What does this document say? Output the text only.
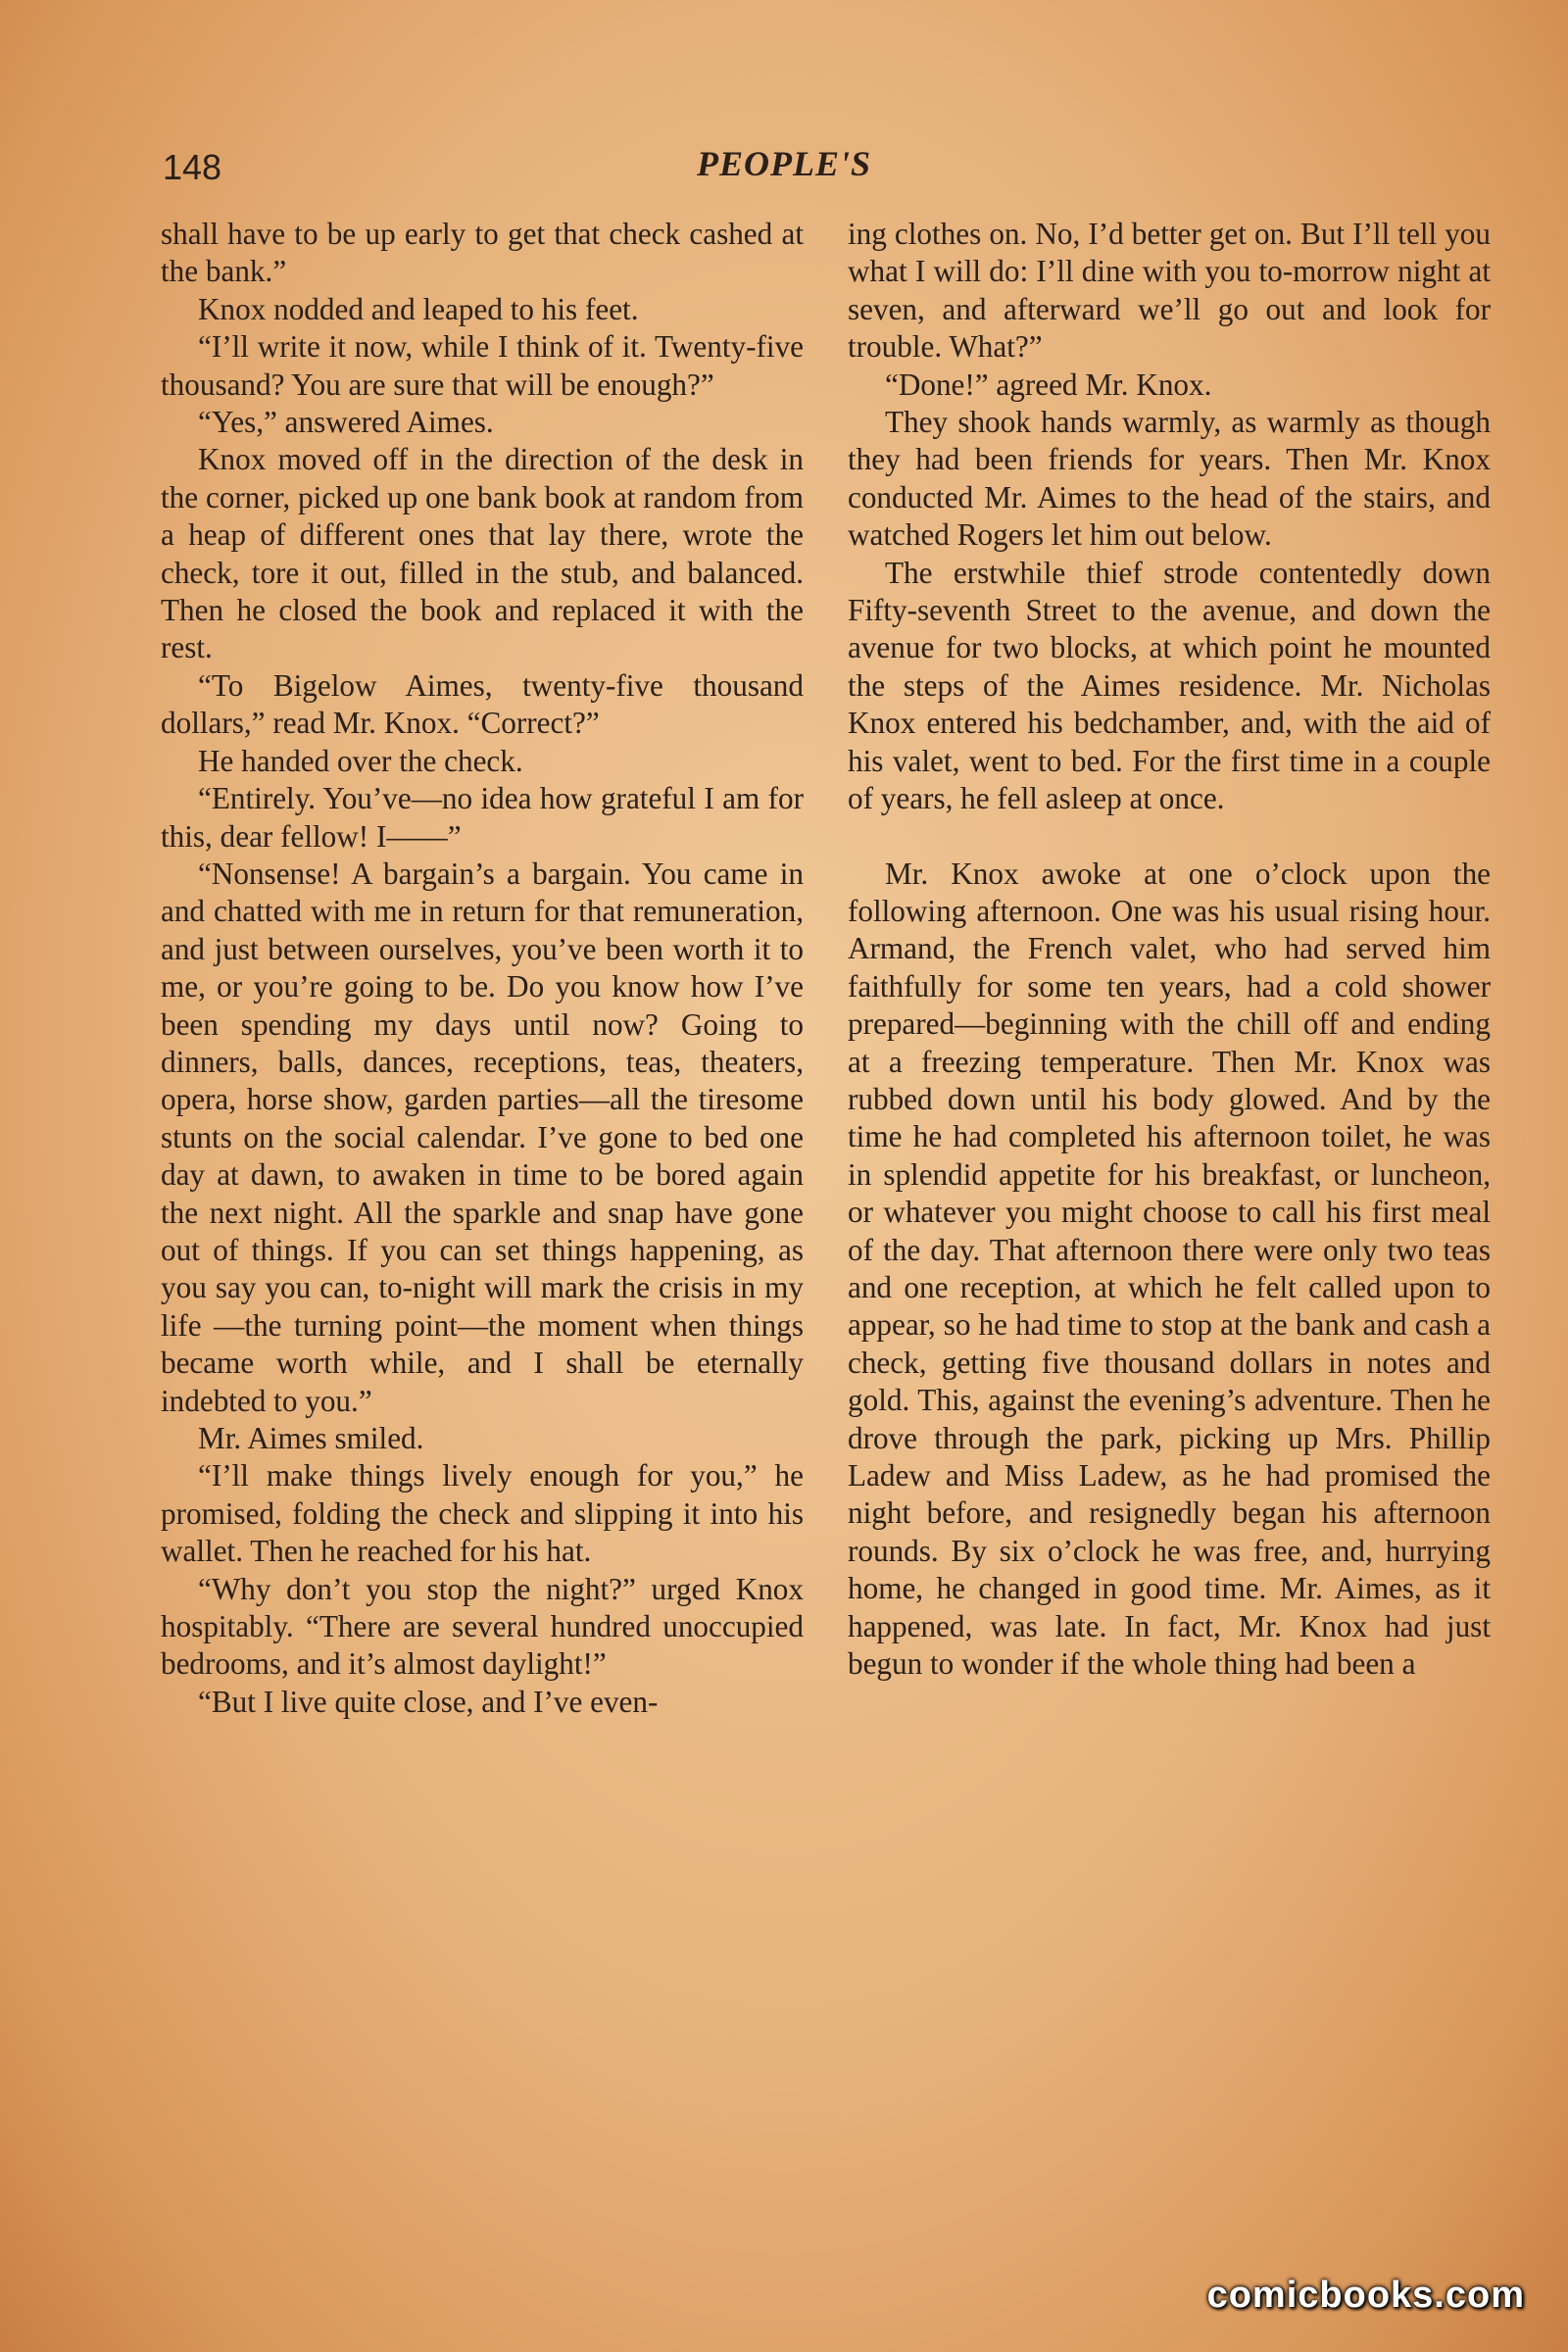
148	PEOPLE'S

shall have to be up early to get that check cashed at the bank.”

Knox nodded and leaped to his feet.

“I’ll write it now, while I think of it. Twenty-five thousand? You are sure that will be enough?”

“Yes,” answered Aimes.

Knox moved off in the direction of the desk in the corner, picked up one bank book at random from a heap of different ones that lay there, wrote the check, tore it out, filled in the stub, and balanced. Then he closed the book and replaced it with the rest.

“To Bigelow Aimes, twenty-five thousand dollars,” read Mr. Knox. “Correct?”

He handed over the check.

“Entirely. You’ve—no idea how grateful I am for this, dear fellow! I——”

“Nonsense! A bargain’s a bargain. You came in and chatted with me in return for that remuneration, and just between ourselves, you’ve been worth it to me, or you’re going to be. Do you know how I’ve been spending my days until now? Going to dinners, balls, dances, receptions, teas, theaters, opera, horse show, garden parties—all the tiresome stunts on the social calendar. I’ve gone to bed one day at dawn, to awaken in time to be bored again the next night. All the sparkle and snap have gone out of things. If you can set things happening, as you say you can, to-night will mark the crisis in my life —the turning point—the moment when things became worth while, and I shall be eternally indebted to you.”

Mr. Aimes smiled.

“I’ll make things lively enough for you,” he promised, folding the check and slipping it into his wallet. Then he reached for his hat.

“Why don’t you stop the night?” urged Knox hospitably. “There are several hundred unoccupied bedrooms, and it’s almost daylight!”

“But I live quite close, and I’ve even-

ing clothes on. No, I’d better get on. But I’ll tell you what I will do: I’ll dine with you to-morrow night at seven, and afterward we’ll go out and look for trouble. What?”

“Done!” agreed Mr. Knox.

They shook hands warmly, as warmly as though they had been friends for years. Then Mr. Knox conducted Mr. Aimes to the head of the stairs, and watched Rogers let him out below.

The erstwhile thief strode contentedly down Fifty-seventh Street to the avenue, and down the avenue for two blocks, at which point he mounted the steps of the Aimes residence. Mr. Nicholas Knox entered his bedchamber, and, with the aid of his valet, went to bed. For the first time in a couple of years, he fell asleep at once.

Mr. Knox awoke at one o’clock upon the following afternoon. One was his usual rising hour. Armand, the French valet, who had served him faithfully for some ten years, had a cold shower prepared—beginning with the chill off and ending at a freezing temperature. Then Mr. Knox was rubbed down until his body glowed. And by the time he had completed his afternoon toilet, he was in splendid appetite for his breakfast, or luncheon, or whatever you might choose to call his first meal of the day. That afternoon there were only two teas and one reception, at which he felt called upon to appear, so he had time to stop at the bank and cash a check, getting five thousand dollars in notes and gold. This, against the evening’s adventure. Then he drove through the park, picking up Mrs. Phillip Ladew and Miss Ladew, as he had promised the night before, and resignedly began his afternoon rounds. By six o’clock he was free, and, hurrying home, he changed in good time. Mr. Aimes, as it happened, was late. In fact, Mr. Knox had just begun to wonder if the whole thing had been a

comicbooks.com
